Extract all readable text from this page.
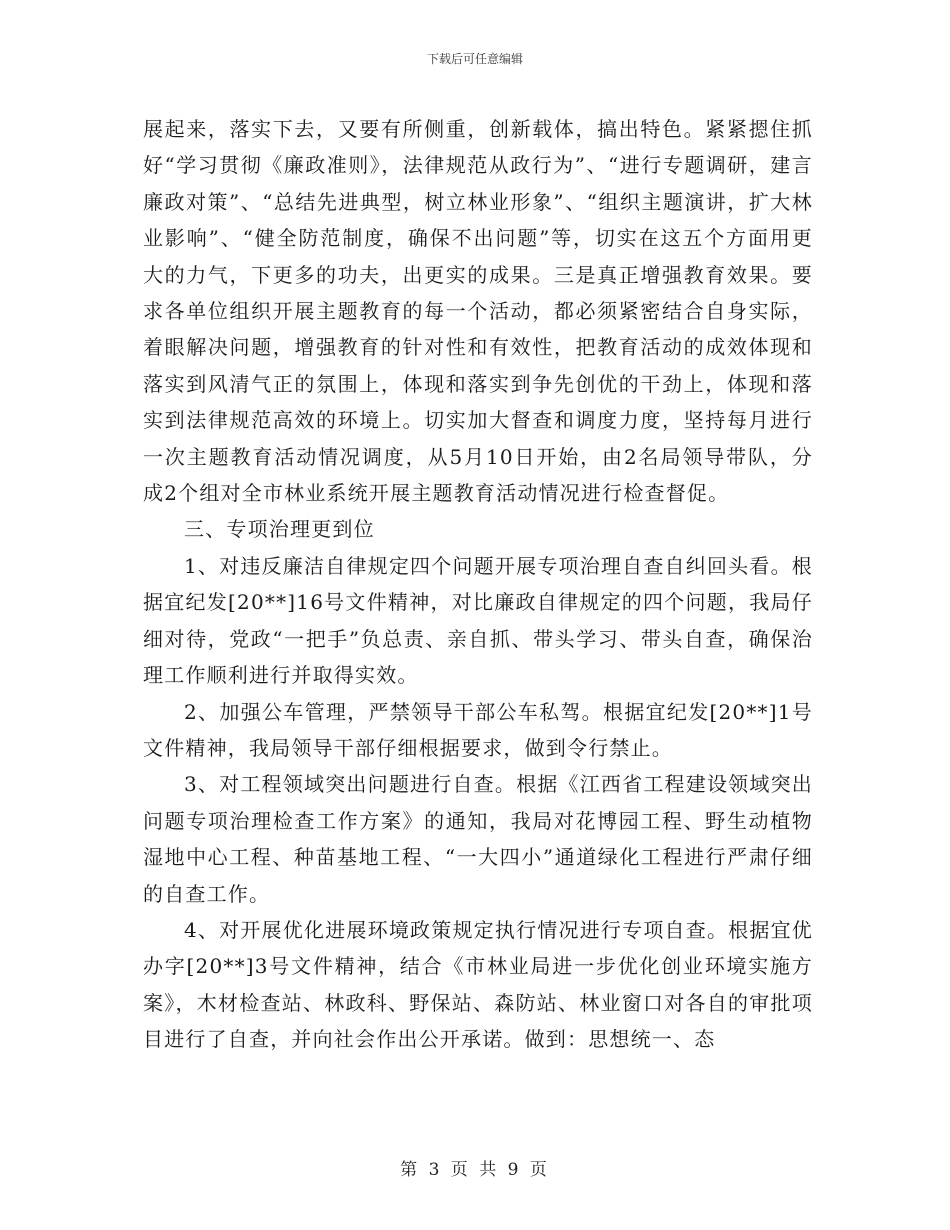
下载后可任意编辑

展起来，落实下去，又要有所侧重，创新载体，搞出特色。紧紧摁住抓好“学习贯彻《廉政准则》，法律规范从政行为”、“进行专题调研，建言廉政对策”、“总结先进典型，树立林业形象”、“组织主题演讲，扩大林业影响”、“健全防范制度，确保不出问题”等，切实在这五个方面用更大的力气，下更多的功夫，出更实的成果。三是真正增强教育效果。要求各单位组织开展主题教育的每一个活动，都必须紧密结合自身实际，着眼解决问题，增强教育的针对性和有效性，把教育活动的成效体现和落实到风清气正的氛围上，体现和落实到争先创优的干劲上，体现和落实到法律规范高效的环境上。切实加大督查和调度力度，坚持每月进行一次主题教育活动情况调度，从5月10日开始，由2名局领导带队，分成2个组对全市林业系统开展主题教育活动情况进行检查督促。

三、专项治理更到位

1、对违反廉洁自律规定四个问题开展专项治理自查自纠回头看。根据宜纪发[20**]16号文件精神，对比廉政自律规定的四个问题，我局仔细对待，党政“一把手”负总责、亲自抓、带头学习、带头自查，确保治理工作顺利进行并取得实效。

2、加强公车管理，严禁领导干部公车私驾。根据宜纪发[20**]1号文件精神，我局领导干部仔细根据要求，做到令行禁止。

3、对工程领域突出问题进行自查。根据《江西省工程建设领域突出问题专项治理检查工作方案》的通知，我局对花博园工程、野生动植物湿地中心工程、种苗基地工程、“一大四小”通道绿化工程进行严肃仔细的自查工作。

4、对开展优化进展环境政策规定执行情况进行专项自查。根据宜优办字[20**]3号文件精神，结合《市林业局进一步优化创业环境实施方案》，木材检查站、林政科、野保站、森防站、林业窗口对各自的审批项目进行了自查，并向社会作出公开承诺。做到：思想统一、态

第 3 页 共 9 页
